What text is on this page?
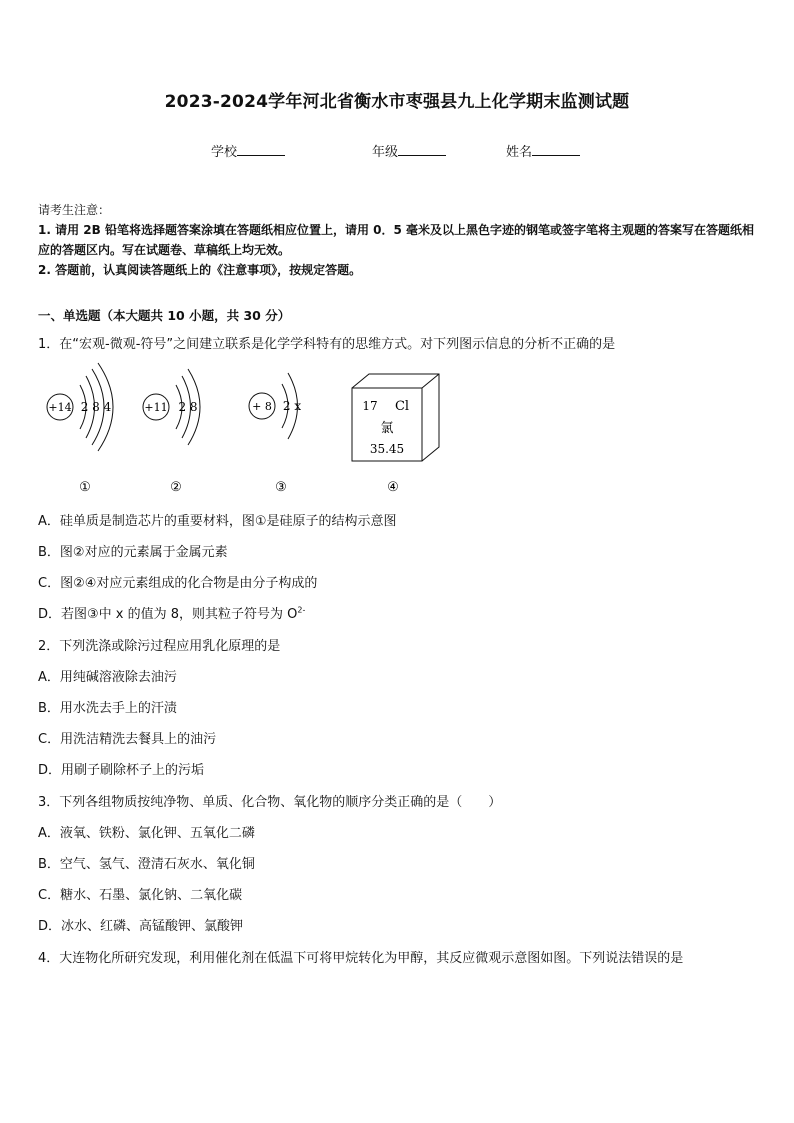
2023-2024学年河北省衡水市枣强县九上化学期末监测试题
学校	年级	姓名
请考生注意：
1. 请用 2B 铅笔将选择题答案涂填在答题纸相应位置上，请用 0．5 毫米及以上黑色字迹的钢笔或签字笔将主观题的答案写在答题纸相应的答题区内。写在试题卷、草稿纸上均无效。
2. 答题前，认真阅读答题纸上的《注意事项》，按规定答题。
一、单选题（本大题共 10 小题，共 30 分）
1．在“宏观-微观-符号”之间建立联系是化学学科特有的思维方式。对下列图示信息的分析不正确的是
+14 2 8 4	+11 2 8	+ 8 2 x	17 Cl
氯
35.45
①	②	③	④
A．硅单质是制造芯片的重要材料，图①是硅原子的结构示意图
B．图②对应的元素属于金属元素
C．图②④对应元素组成的化合物是由分子构成的
D．若图③中 x 的值为 8，则其粒子符号为 $O^{2-}$
2．下列洗涤或除污过程应用乳化原理的是
A．用纯碱溶液除去油污
B．用水洗去手上的汗渍
C．用洗洁精洗去餐具上的油污
D．用刷子刷除杯子上的污垢
3．下列各组物质按纯净物、单质、化合物、氧化物的顺序分类正确的是（　　）
A．液氧、铁粉、氯化钾、五氧化二磷
B．空气、氢气、澄清石灰水、氧化铜
C．糖水、石墨、氯化钠、二氧化碳
D．冰水、红磷、高锰酸钾、氯酸钾
4．大连物化所研究发现，利用催化剂在低温下可将甲烷转化为甲醇，其反应微观示意图如图。下列说法错误的是
